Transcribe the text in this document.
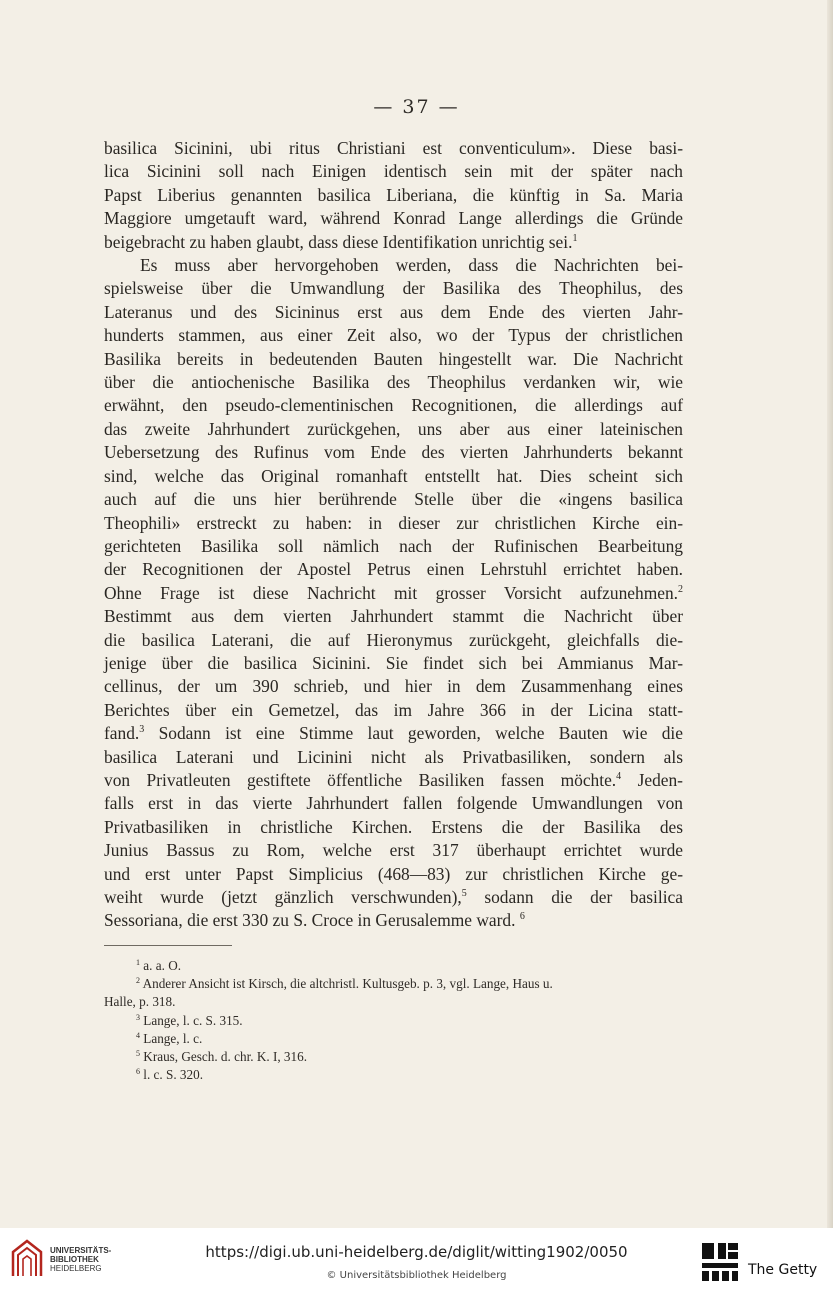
— 37 —
basilica Sicinini, ubi ritus Christiani est conventiculum». Diese basi-
lica Sicinini soll nach Einigen identisch sein mit der später nach
Papst Liberius genannten basilica Liberiana, die künftig in Sa. Maria
Maggiore umgetauft ward, während Konrad Lange allerdings die Gründe
beigebracht zu haben glaubt, dass diese Identifikation unrichtig sei.$^1$
Es muss aber hervorgehoben werden, dass die Nachrichten bei-
spielsweise über die Umwandlung der Basilika des Theophilus, des
Lateranus und des Sicininus erst aus dem Ende des vierten Jahr-
hunderts stammen, aus einer Zeit also, wo der Typus der christlichen
Basilika bereits in bedeutenden Bauten hingestellt war. Die Nachricht
über die antiochenische Basilika des Theophilus verdanken wir, wie
erwähnt, den pseudo-clementinischen Recognitionen, die allerdings auf
das zweite Jahrhundert zurückgehen, uns aber aus einer lateinischen
Uebersetzung des Rufinus vom Ende des vierten Jahrhunderts bekannt
sind, welche das Original romanhaft entstellt hat. Dies scheint sich
auch auf die uns hier berührende Stelle über die «ingens basilica
Theophili» erstreckt zu haben: in dieser zur christlichen Kirche ein-
gerichteten Basilika soll nämlich nach der Rufinischen Bearbeitung
der Recognitionen der Apostel Petrus einen Lehrstuhl errichtet haben.
Ohne Frage ist diese Nachricht mit grosser Vorsicht aufzunehmen.$^2$
Bestimmt aus dem vierten Jahrhundert stammt die Nachricht über
die basilica Laterani, die auf Hieronymus zurückgeht, gleichfalls die-
jenige über die basilica Sicinini. Sie findet sich bei Ammianus Mar-
cellinus, der um 390 schrieb, und hier in dem Zusammenhang eines
Berichtes über ein Gemetzel, das im Jahre 366 in der Licina statt-
fand.$^3$ Sodann ist eine Stimme laut geworden, welche Bauten wie die
basilica Laterani und Licinini nicht als Privatbasiliken, sondern als
von Privatleuten gestiftete öffentliche Basiliken fassen möchte.$^4$ Jeden-
falls erst in das vierte Jahrhundert fallen folgende Umwandlungen von
Privatbasiliken in christliche Kirchen. Erstens die der Basilika des
Junius Bassus zu Rom, welche erst 317 überhaupt errichtet wurde
und erst unter Papst Simplicius (468—83) zur christlichen Kirche ge-
weiht wurde (jetzt gänzlich verschwunden),$^5$ sodann die der basilica
Sessoriana, die erst 330 zu S. Croce in Gerusalemme ward. $^6$
$^1$ a. a. O.
$^2$ Anderer Ansicht ist Kirsch, die altchristl. Kultusgeb. p. 3, vgl. Lange, Haus u.
Halle, p. 318.
$^3$ Lange, l. c. S. 315.
$^4$ Lange, l. c.
$^5$ Kraus, Gesch. d. chr. K. I, 316.
$^6$ l. c. S. 320.
UNIVERSITÄTS-
BIBLIOTHEK
HEIDELBERG
https://digi.ub.uni-heidelberg.de/diglit/witting1902/0050
© Universitätsbibliothek Heidelberg	The Getty
